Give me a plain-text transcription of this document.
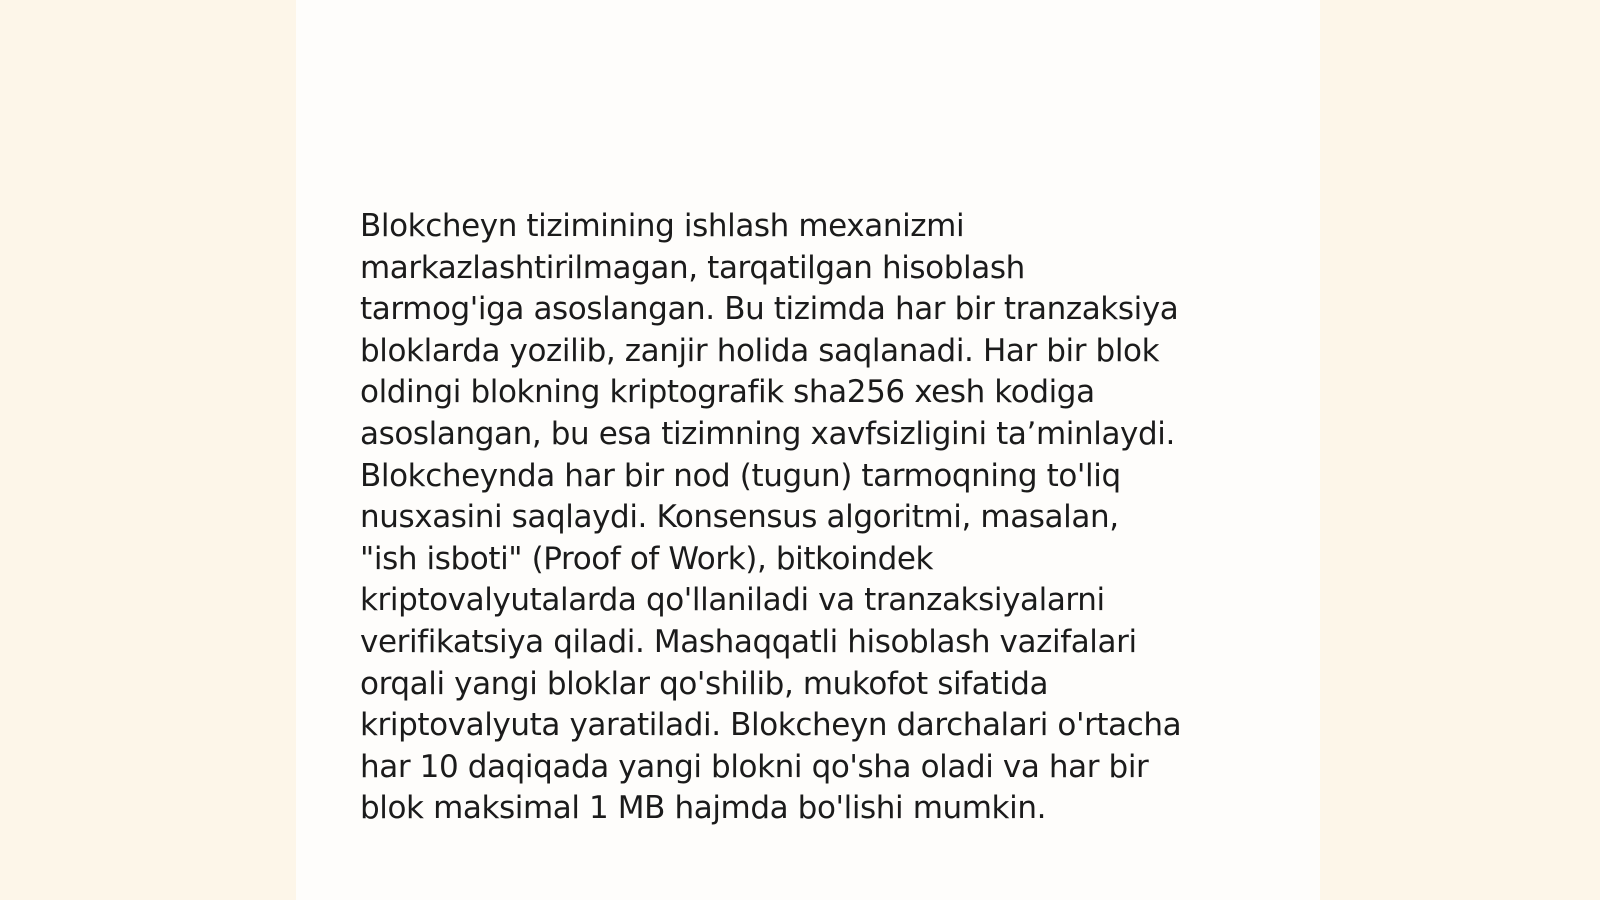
Blokcheyn tizimining ishlash mexanizmi
markazlashtirilmagan, tarqatilgan hisoblash
tarmog'iga asoslangan. Bu tizimda har bir tranzaksiya
bloklarda yozilib, zanjir holida saqlanadi. Har bir blok
oldingi blokning kriptografik sha256 xesh kodiga
asoslangan, bu esa tizimning xavfsizligini ta’minlaydi.
Blokcheynda har bir nod (tugun) tarmoqning to'liq
nusxasini saqlaydi. Konsensus algoritmi, masalan,
"ish isboti" (Proof of Work), bitkoindek
kriptovalyutalarda qo'llaniladi va tranzaksiyalarni
verifikatsiya qiladi. Mashaqqatli hisoblash vazifalari
orqali yangi bloklar qo'shilib, mukofot sifatida
kriptovalyuta yaratiladi. Blokcheyn darchalari o'rtacha
har 10 daqiqada yangi blokni qo'sha oladi va har bir
blok maksimal 1 MB hajmda bo'lishi mumkin.
